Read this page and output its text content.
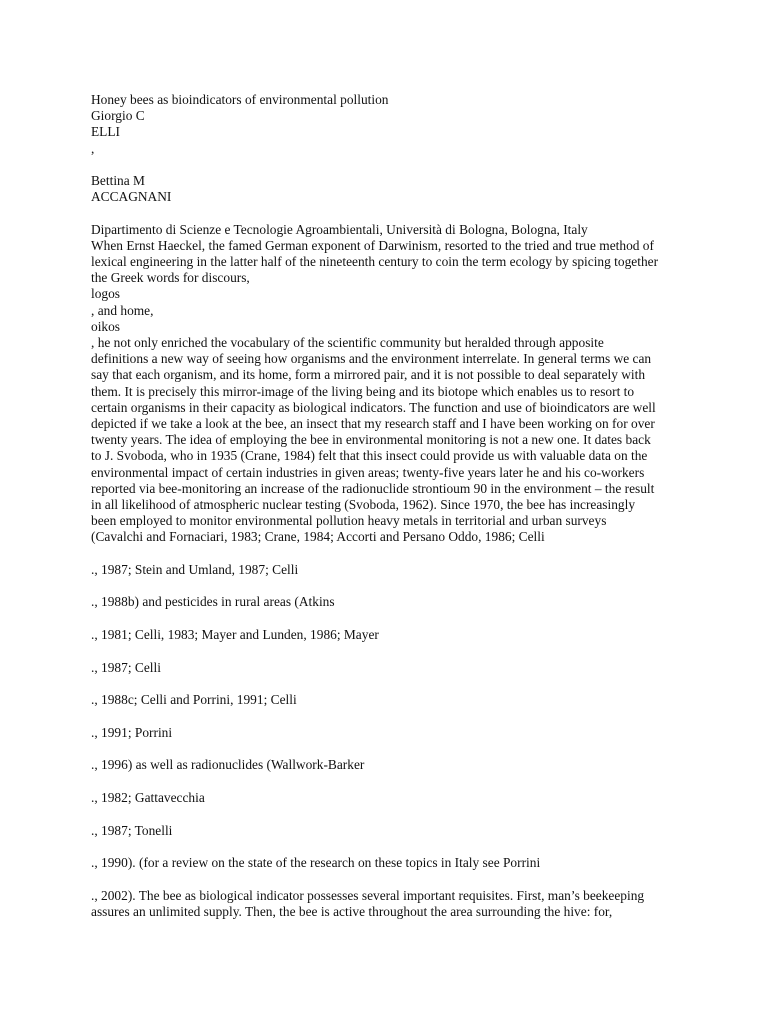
Honey bees as bioindicators of environmental pollution
Giorgio C
ELLI
,
Bettina M
ACCAGNANI
Dipartimento di Scienze e Tecnologie Agroambientali, Università di Bologna, Bologna, Italy
When Ernst Haeckel, the famed German exponent of Darwinism, resorted to the tried and true method of
lexical engineering in the latter half of the nineteenth century to coin the term ecology by spicing together
the Greek words for discours,
logos
, and home,
oikos
, he not only enriched the vocabulary of the scientific community but heralded through apposite
definitions a new way of seeing how organisms and the environment interrelate. In general terms we can
say that each organism, and its home, form a mirrored pair, and it is not possible to deal separately with
them. It is precisely this mirror-image of the living being and its biotope which enables us to resort to
certain organisms in their capacity as biological indicators. The function and use of bioindicators are well
depicted if we take a look at the bee, an insect that my research staff and I have been working on for over
twenty years. The idea of employing the bee in environmental monitoring is not a new one. It dates back
to J. Svoboda, who in 1935 (Crane, 1984) felt that this insect could provide us with valuable data on the
environmental impact of certain industries in given areas; twenty-five years later he and his co-workers
reported via bee-monitoring an increase of the radionuclide strontioum 90 in the environment – the result
in all likelihood of atmospheric nuclear testing (Svoboda, 1962). Since 1970, the bee has increasingly
been employed to monitor environmental pollution heavy metals in territorial and urban surveys
(Cavalchi and Fornaciari, 1983; Crane, 1984; Accorti and Persano Oddo, 1986; Celli
., 1987; Stein and Umland, 1987; Celli
., 1988b) and pesticides in rural areas (Atkins
., 1981; Celli, 1983; Mayer and Lunden, 1986; Mayer
., 1987; Celli
., 1988c; Celli and Porrini, 1991; Celli
., 1991; Porrini
., 1996) as well as radionuclides (Wallwork-Barker
., 1982; Gattavecchia
., 1987; Tonelli
., 1990). (for a review on the state of the research on these topics in Italy see Porrini
., 2002). The bee as biological indicator possesses several important requisites. First, man’s beekeeping
assures an unlimited supply. Then, the bee is active throughout the area surrounding the hive: for,
